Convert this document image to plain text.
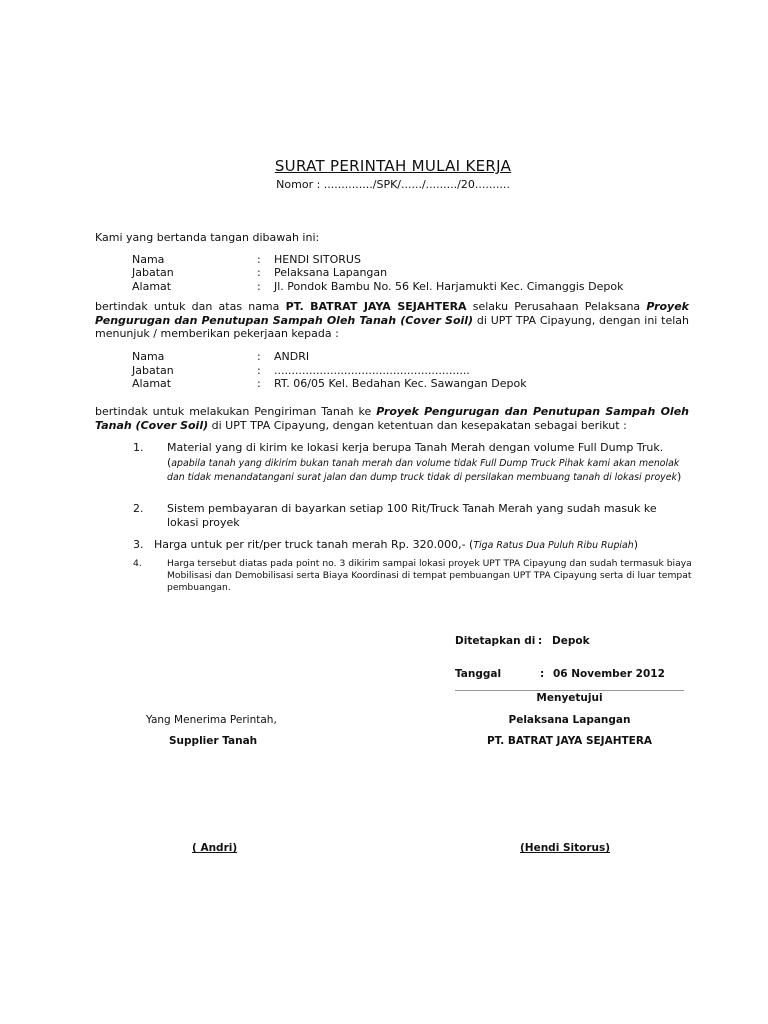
SURAT PERINTAH MULAI KERJA
Nomor : ............../SPK/....../........./20..........
Kami yang bertanda tangan dibawah ini:
Nama	: HENDI SITORUS
Jabatan	: Pelaksana Lapangan
Alamat	: Jl. Pondok Bambu No. 56 Kel. Harjamukti Kec. Cimanggis Depok
bertindak untuk dan atas nama PT. BATRAT JAYA SEJAHTERA selaku Perusahaan Pelaksana Proyek Pengurugan dan Penutupan Sampah Oleh Tanah (Cover Soil) di UPT TPA Cipayung, dengan ini telah menunjuk / memberikan pekerjaan kepada :
Nama	: ANDRI
Jabatan	: ........................................................
Alamat	: RT. 06/05 Kel. Bedahan Kec. Sawangan Depok
bertindak untuk melakukan Pengiriman Tanah ke Proyek Pengurugan dan Penutupan Sampah Oleh Tanah (Cover Soil) di UPT TPA Cipayung, dengan ketentuan dan kesepakatan sebagai berikut :
1. Material yang di kirim ke lokasi kerja berupa Tanah Merah dengan volume Full Dump Truk.
(apabila tanah yang dikirim bukan tanah merah dan volume tidak Full Dump Truck Pihak kami akan menolak dan tidak menandatangani surat jalan dan dump truck tidak di persilakan membuang tanah di lokasi proyek)
2. Sistem pembayaran di bayarkan setiap 100 Rit/Truck Tanah Merah yang sudah masuk ke lokasi proyek
3. Harga untuk per rit/per truck tanah merah Rp. 320.000,- (Tiga Ratus Dua Puluh Ribu Rupiah)
4.	Harga tersebut diatas pada point no. 3 dikirim sampai lokasi proyek UPT TPA Cipayung dan sudah termasuk biaya Mobilisasi dan Demobilisasi serta Biaya Koordinasi di tempat pembuangan UPT TPA Cipayung serta di luar tempat pembuangan.
Ditetapkan di : Depok
Tanggal	: 06 November 2012
Menyetujui
Pelaksana Lapangan
PT. BATRAT JAYA SEJAHTERA
Yang Menerima Perintah,
Supplier Tanah
( Andri)	(Hendi Sitorus)
